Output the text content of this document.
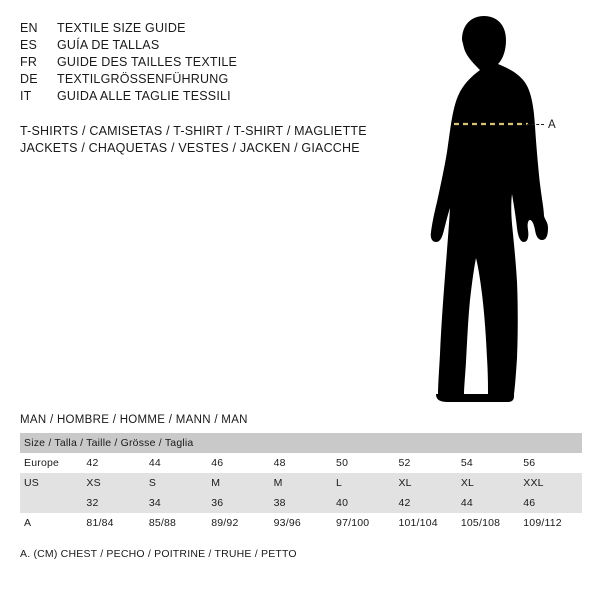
EN	TEXTILE SIZE GUIDE
ES	GUÍA DE TALLAS
FR	GUIDE DES TAILLES TEXTILE
DE	TEXTILGRÖSSENFÜHRUNG
IT	GUIDA ALLE TAGLIE TESSILI
T-SHIRTS / CAMISETAS / T-SHIRT / T-SHIRT / MAGLIETTE
JACKETS / CHAQUETAS / VESTES / JACKEN / GIACCHE
A
MAN / HOMBRE / HOMME / MANN / MAN
Size / Talla / Taille / Grösse / Taglia								
Europe	42	44	46	48	50	52	54	56
US	XS	S	M	M	L	XL	XL	XXL
	32	34	36	38	40	42	44	46
A	81/84	85/88	89/92	93/96	97/100	101/104	105/108	109/112
A. (CM) CHEST / PECHO / POITRINE / TRUHE / PETTO
